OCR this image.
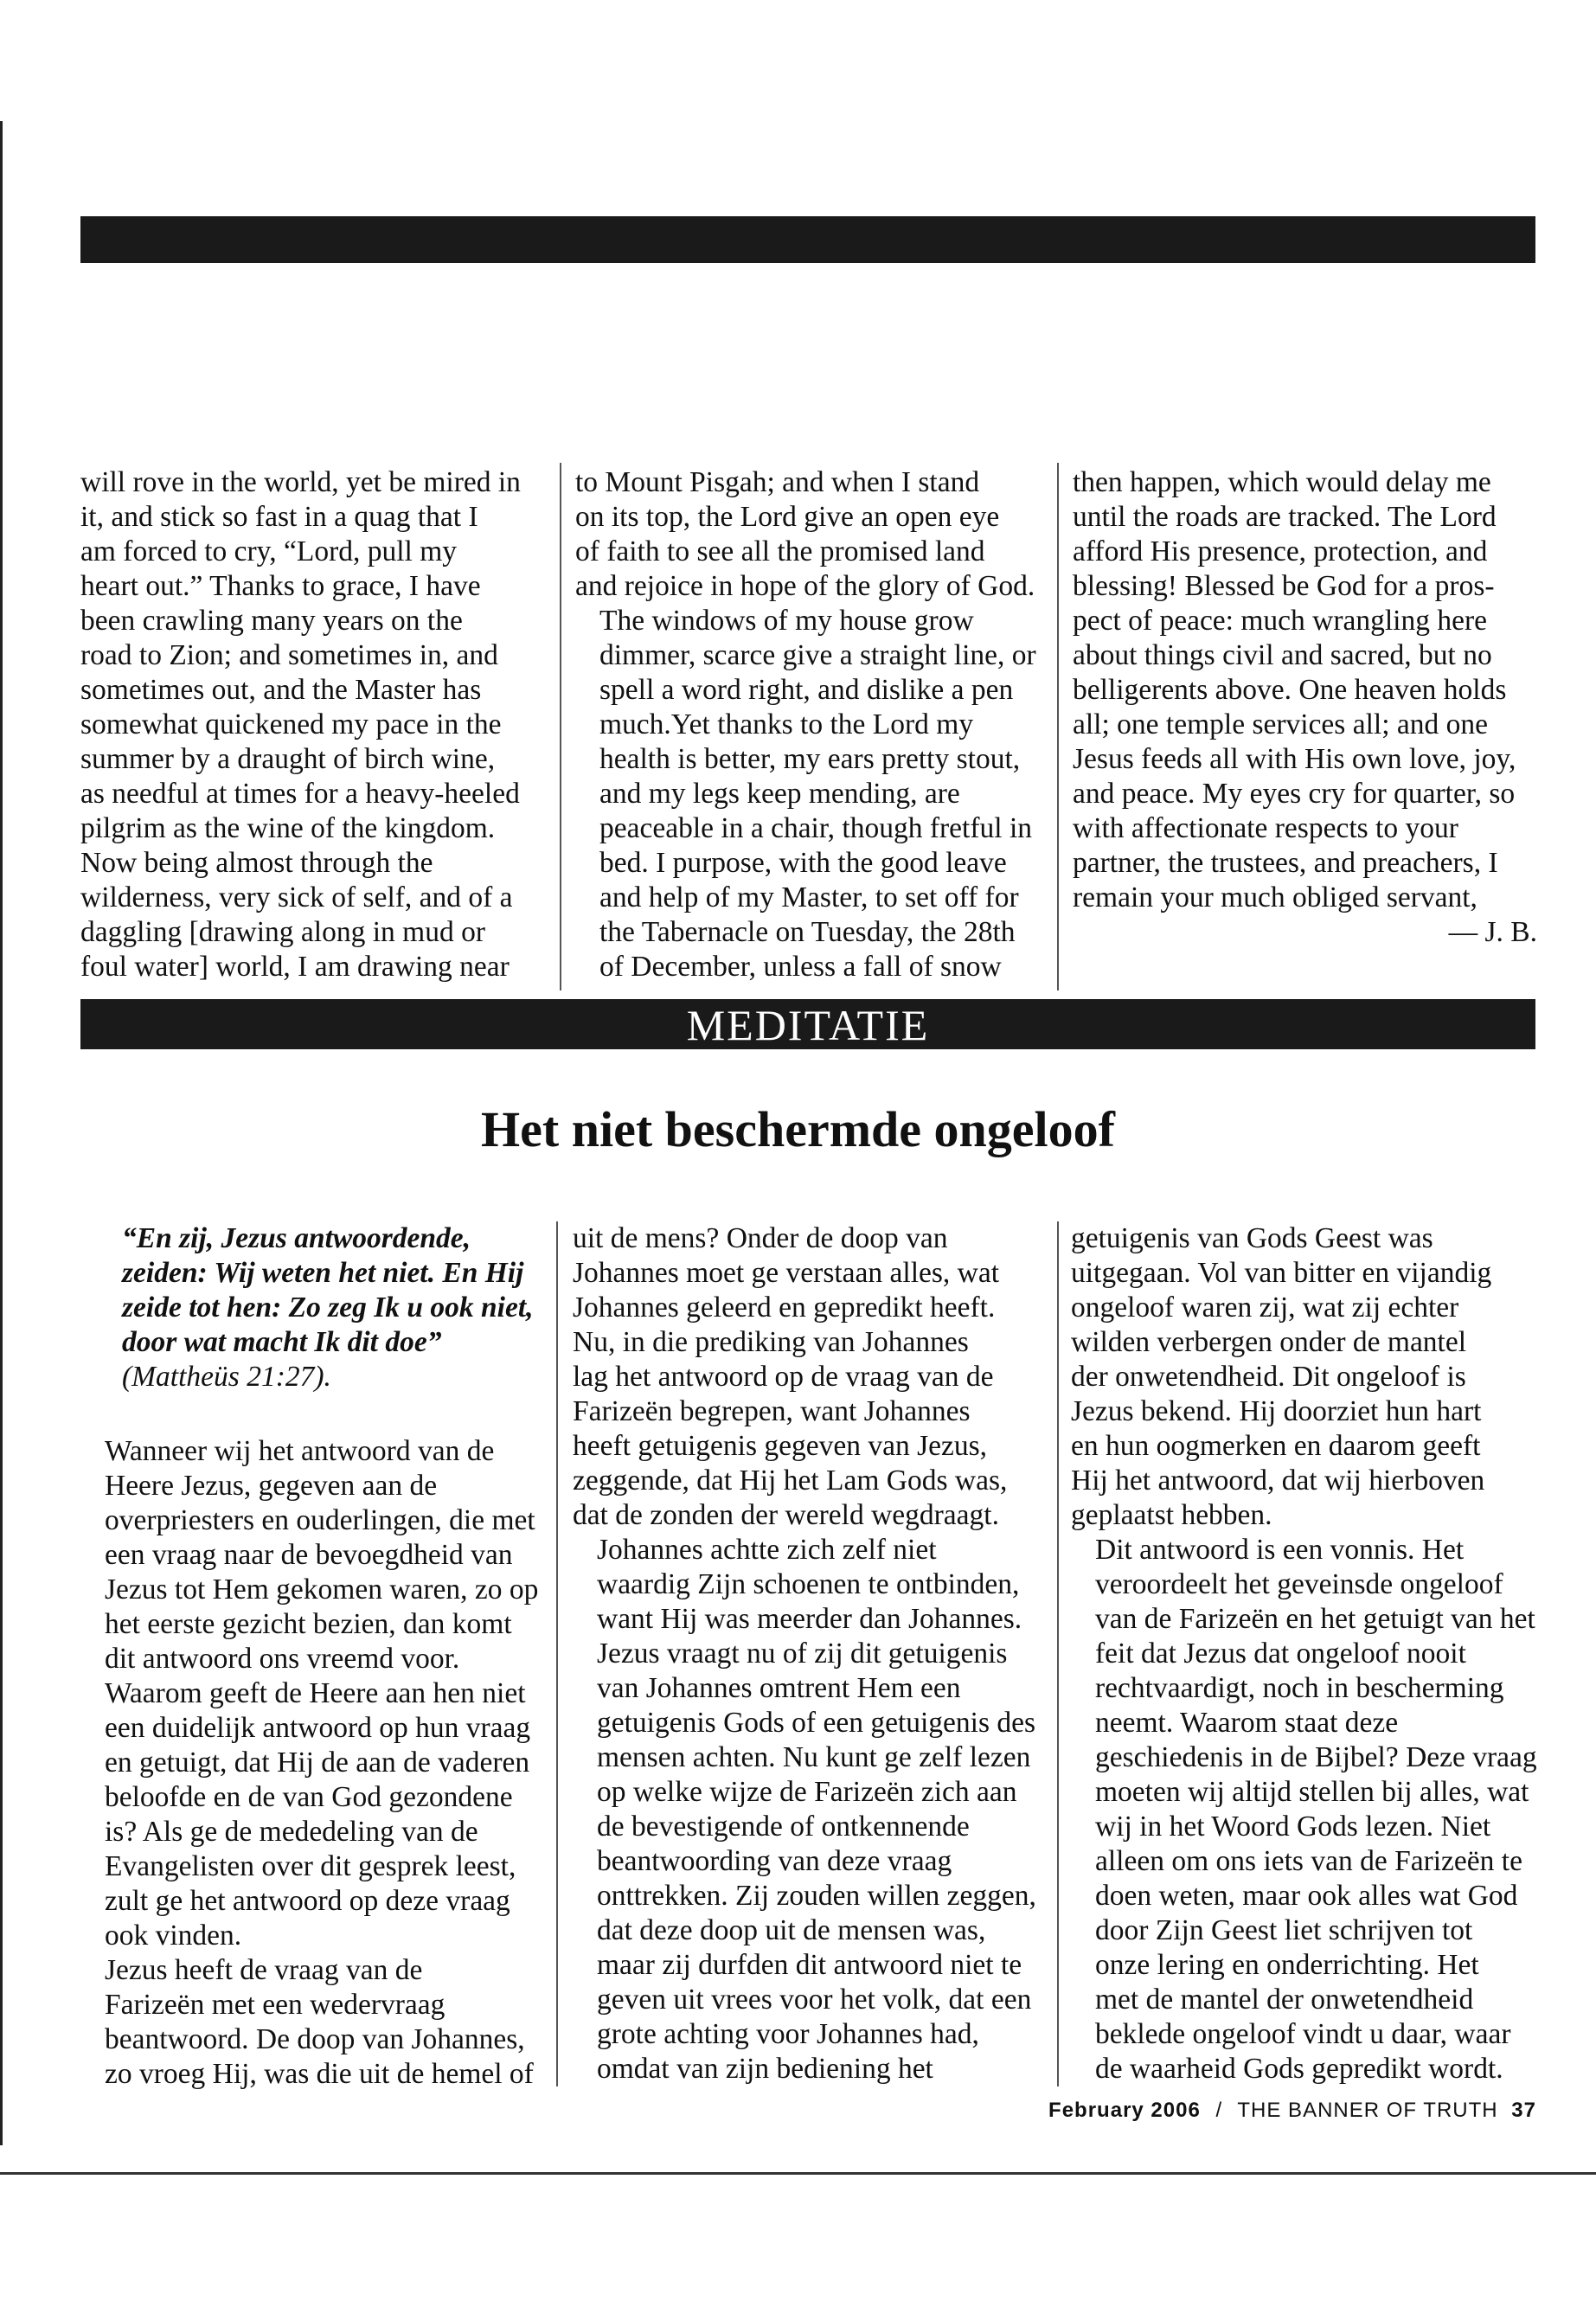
will rove in the world, yet be mired in
it, and stick so fast in a quag that I
am forced to cry, “Lord, pull my
heart out.” Thanks to grace, I have
been crawling many years on the
road to Zion; and sometimes in, and
sometimes out, and the Master has
somewhat quickened my pace in the
summer by a draught of birch wine,
as needful at times for a heavy-heeled
pilgrim as the wine of the kingdom.
Now being almost through the
wilderness, very sick of self, and of a
daggling [drawing along in mud or
foul water] world, I am drawing near

to Mount Pisgah; and when I stand
on its top, the Lord give an open eye
of faith to see all the promised land
and rejoice in hope of the glory of God.

The windows of my house grow
dimmer, scarce give a straight line, or
spell a word right, and dislike a pen
much.Yet thanks to the Lord my
health is better, my ears pretty stout,
and my legs keep mending, are
peaceable in a chair, though fretful in
bed. I purpose, with the good leave
and help of my Master, to set off for
the Tabernacle on Tuesday, the 28th
of December, unless a fall of snow

then happen, which would delay me
until the roads are tracked. The Lord
afford His presence, protection, and
blessing! Blessed be God for a pros-
pect of peace: much wrangling here
about things civil and sacred, but no
belligerents above. One heaven holds
all; one temple services all; and one
Jesus feeds all with His own love, joy,
and peace. My eyes cry for quarter, so
with affectionate respects to your
partner, the trustees, and preachers, I
remain your much obliged servant,

— J. B.

MEDITATIE
Het niet beschermde ongeloof

“En zij, Jezus antwoordende,
zeiden: Wij weten het niet. En Hij
zeide tot hen: Zo zeg Ik u ook niet,
door wat macht Ik dit doe”
(Mattheüs 21:27).

Wanneer wij het antwoord van de
Heere Jezus, gegeven aan de
overpriesters en ouderlingen, die met
een vraag naar de bevoegdheid van
Jezus tot Hem gekomen waren, zo op
het eerste gezicht bezien, dan komt
dit antwoord ons vreemd voor.
Waarom geeft de Heere aan hen niet
een duidelijk antwoord op hun vraag
en getuigt, dat Hij de aan de vaderen
beloofde en de van God gezondene
is? Als ge de mededeling van de
Evangelisten over dit gesprek leest,
zult ge het antwoord op deze vraag
ook vinden.

Jezus heeft de vraag van de
Farizeën met een wedervraag
beantwoord. De doop van Johannes,
zo vroeg Hij, was die uit de hemel of

uit de mens? Onder de doop van
Johannes moet ge verstaan alles, wat
Johannes geleerd en gepredikt heeft.
Nu, in die prediking van Johannes
lag het antwoord op de vraag van de
Farizeën begrepen, want Johannes
heeft getuigenis gegeven van Jezus,
zeggende, dat Hij het Lam Gods was,
dat de zonden der wereld wegdraagt.

Johannes achtte zich zelf niet
waardig Zijn schoenen te ontbinden,
want Hij was meerder dan Johannes.
Jezus vraagt nu of zij dit getuigenis
van Johannes omtrent Hem een
getuigenis Gods of een getuigenis des
mensen achten. Nu kunt ge zelf lezen
op welke wijze de Farizeën zich aan
de bevestigende of ontkennende
beantwoording van deze vraag
onttrekken. Zij zouden willen zeggen,
dat deze doop uit de mensen was,
maar zij durfden dit antwoord niet te
geven uit vrees voor het volk, dat een
grote achting voor Johannes had,
omdat van zijn bediening het

getuigenis van Gods Geest was
uitgegaan. Vol van bitter en vijandig
ongeloof waren zij, wat zij echter
wilden verbergen onder de mantel
der onwetendheid. Dit ongeloof is
Jezus bekend. Hij doorziet hun hart
en hun oogmerken en daarom geeft
Hij het antwoord, dat wij hierboven
geplaatst hebben.

Dit antwoord is een vonnis. Het
veroordeelt het geveinsde ongeloof
van de Farizeën en het getuigt van het
feit dat Jezus dat ongeloof nooit
rechtvaardigt, noch in bescherming
neemt. Waarom staat deze
geschiedenis in de Bijbel? Deze vraag
moeten wij altijd stellen bij alles, wat
wij in het Woord Gods lezen. Niet
alleen om ons iets van de Farizeën te
doen weten, maar ook alles wat God
door Zijn Geest liet schrijven tot
onze lering en onderrichting. Het
met de mantel der onwetendheid
beklede ongeloof vindt u daar, waar
de waarheid Gods gepredikt wordt.

February 2006 / THE BANNER OF TRUTH 37
